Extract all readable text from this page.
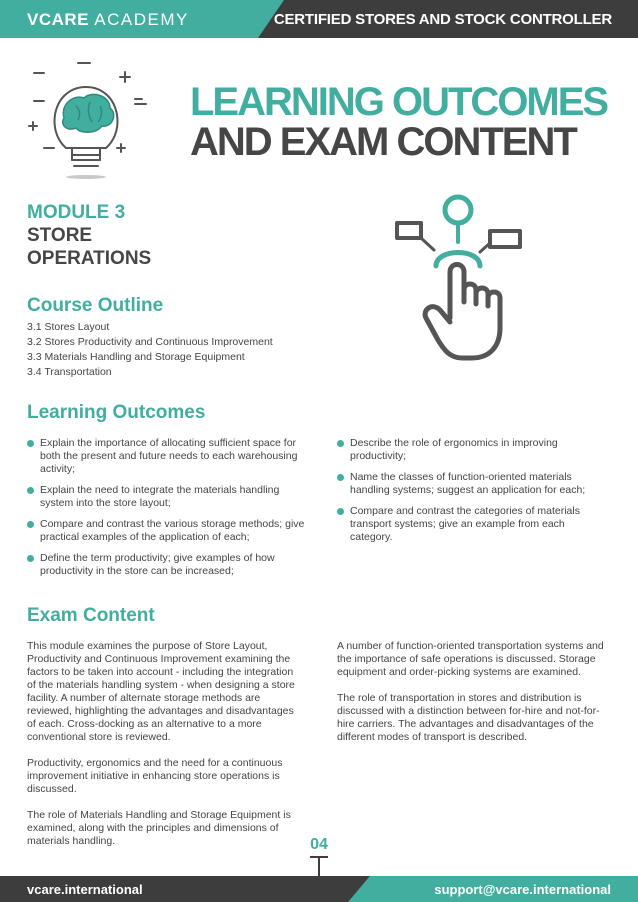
VCARE ACADEMY	CERTIFIED STORES AND STOCK CONTROLLER
LEARNING OUTCOMES
AND EXAM CONTENT
MODULE 3
STORE
OPERATIONS
Course Outline
3.1 Stores Layout
3.2 Stores Productivity and Continuous Improvement
3.3 Materials Handling and Storage Equipment
3.4 Transportation
Learning Outcomes
Explain the importance of allocating sufficient space for both the present and future needs to each warehousing activity;
Explain the need to integrate the materials handling system into the store layout;
Compare and contrast the various storage methods; give practical examples of the application of each;
Define the term productivity; give examples of how productivity in the store can be increased;
Describe the role of ergonomics in improving productivity;
Name the classes of function-oriented materials handling systems; suggest an application for each;
Compare and contrast the categories of materials transport systems; give an example from each category.
Exam Content

This module examines the purpose of Store Layout, Productivity and Continuous Improvement examining the factors to be taken into account - including the integration of the materials handling system - when designing a store facility. A number of alternate storage methods are reviewed, highlighting the advantages and disadvantages of each. Cross-docking as an alternative to a more conventional store is reviewed.

Productivity, ergonomics and the need for a continuous improvement initiative in enhancing store operations is discussed.

The role of Materials Handling and Storage Equipment is examined, along with the principles and dimensions of materials handling.

A number of function-oriented transportation systems and the importance of safe operations is discussed. Storage equipment and order-picking systems are examined.

The role of transportation in stores and distribution is discussed with a distinction between for-hire and not-for-hire carriers. The advantages and disadvantages of the different modes of transport is described.

04
vcare.international	support@vcare.international
